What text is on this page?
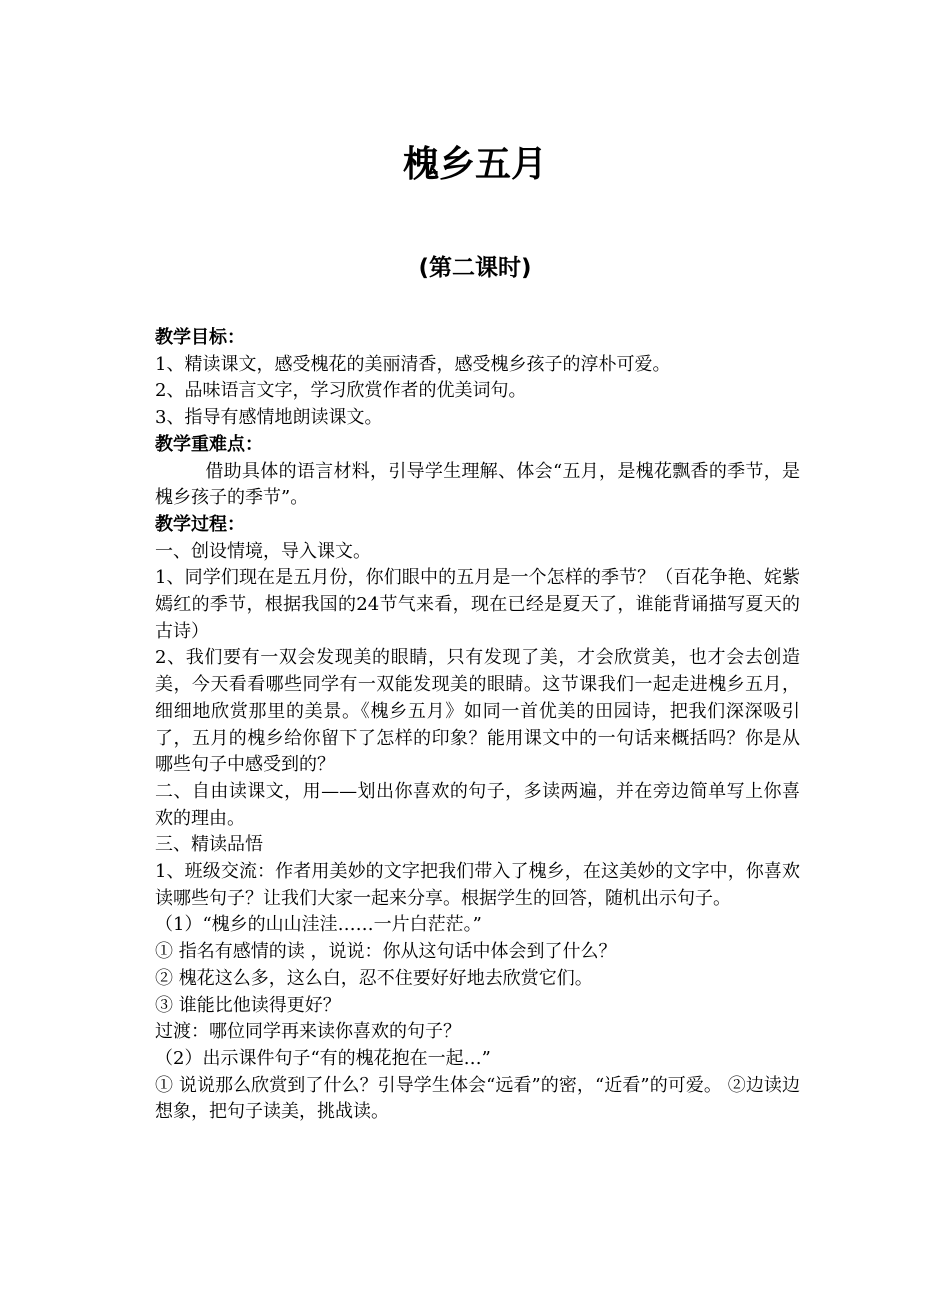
槐乡五月
(第二课时)

教学目标：

1、精读课文，感受槐花的美丽清香，感受槐乡孩子的淳朴可爱。

2、品味语言文字，学习欣赏作者的优美词句。

3、指导有感情地朗读课文。

教学重难点：

借助具体的语言材料，引导学生理解、体会“五月，是槐花飘香的季节，是槐乡孩子的季节”。

教学过程：

一、创设情境，导入课文。

1、同学们现在是五月份，你们眼中的五月是一个怎样的季节？（百花争艳、姹紫嫣红的季节，根据我国的24节气来看，现在已经是夏天了，谁能背诵描写夏天的古诗）

2、我们要有一双会发现美的眼睛，只有发现了美，才会欣赏美，也才会去创造美，今天看看哪些同学有一双能发现美的眼睛。这节课我们一起走进槐乡五月，细细地欣赏那里的美景。《槐乡五月》如同一首优美的田园诗，把我们深深吸引了，五月的槐乡给你留下了怎样的印象？能用课文中的一句话来概括吗？你是从哪些句子中感受到的？

二、自由读课文，用——划出你喜欢的句子，多读两遍，并在旁边简单写上你喜欢的理由。

三、精读品悟

1、班级交流：作者用美妙的文字把我们带入了槐乡，在这美妙的文字中，你喜欢读哪些句子？让我们大家一起来分享。根据学生的回答，随机出示句子。

（1）“槐乡的山山洼洼……一片白茫茫。”

① 指名有感情的读 ，说说：你从这句话中体会到了什么？

② 槐花这么多，这么白，忍不住要好好地去欣赏它们。

③ 谁能比他读得更好？

过渡：哪位同学再来读你喜欢的句子？

（2）出示课件句子“有的槐花抱在一起…”

① 说说那么欣赏到了什么？引导学生体会“远看”的密，“近看”的可爱。 ②边读边想象，把句子读美，挑战读。
